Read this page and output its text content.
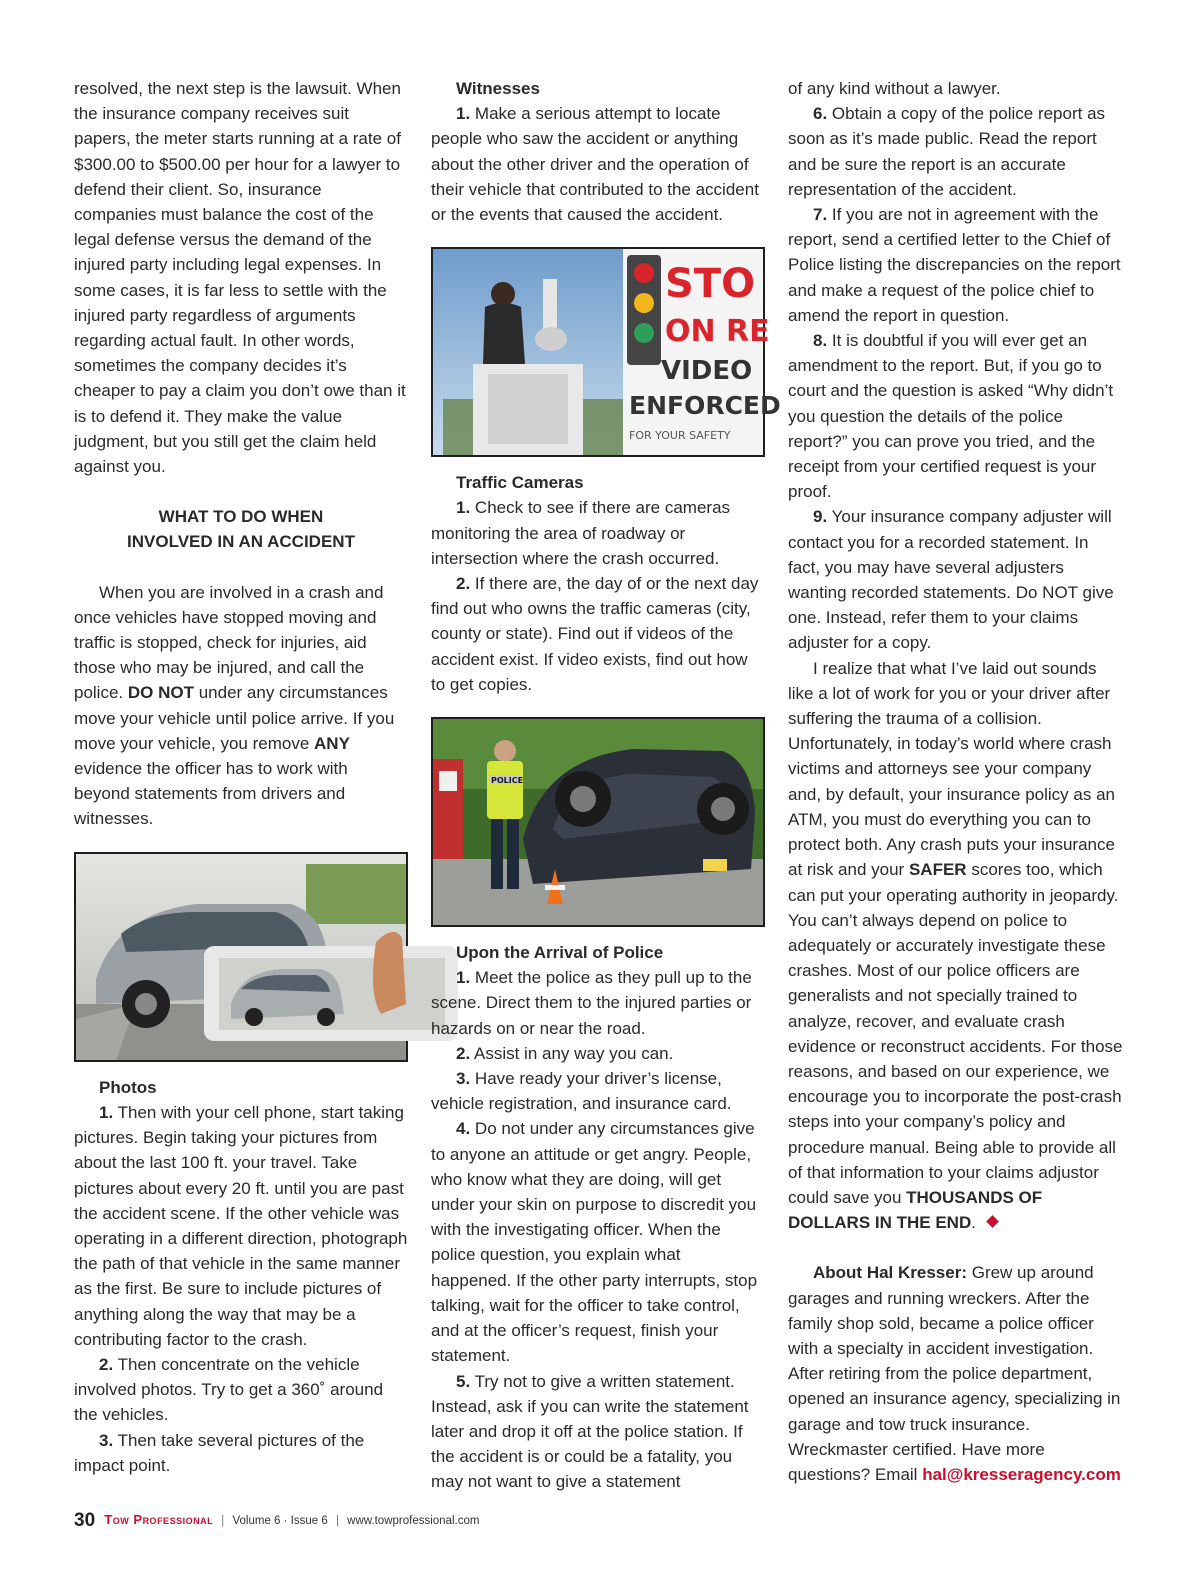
resolved, the next step is the lawsuit. When the insurance company receives suit papers, the meter starts running at a rate of $300.00 to $500.00 per hour for a lawyer to defend their client. So, insurance companies must balance the cost of the legal defense versus the demand of the injured party including legal expenses. In some cases, it is far less to settle with the injured party regardless of arguments regarding actual fault. In other words, sometimes the company decides it’s cheaper to pay a claim you don’t owe than it is to defend it. They make the value judgment, but you still get the claim held against you.

WHAT TO DO WHEN

INVOLVED IN AN ACCIDENT

When you are involved in a crash and once vehicles have stopped moving and traffic is stopped, check for injuries, aid those who may be injured, and call the police. DO NOT under any circumstances move your vehicle until police arrive. If you move your vehicle, you remove ANY evidence the officer has to work with beyond statements from drivers and witnesses.

Photos

1. Then with your cell phone, start taking pictures. Begin taking your pictures from about the last 100 ft. your travel. Take pictures about every 20 ft. until you are past the accident scene. If the other vehicle was operating in a different direction, photograph the path of that vehicle in the same manner as the first. Be sure to include pictures of anything along the way that may be a contributing factor to the crash.

2. Then concentrate on the vehicle involved photos. Try to get a 360˚ around the vehicles.

3. Then take several pictures of the impact point.

Witnesses

1. Make a serious attempt to locate people who saw the accident or anything about the other driver and the operation of their vehicle that contributed to the accident or the events that caused the accident.

STO
ON RE
VIDEO
ENFORCED
FOR YOUR SAFETY

Traffic Cameras

1. Check to see if there are cameras monitoring the area of roadway or intersection where the crash occurred.

2. If there are, the day of or the next day find out who owns the traffic cameras (city, county or state). Find out if videos of the accident exist. If video exists, find out how to get copies.

POLICE

Upon the Arrival of Police

1. Meet the police as they pull up to the scene. Direct them to the injured parties or hazards on or near the road.

2. Assist in any way you can.

3. Have ready your driver’s license, vehicle registration, and insurance card.

4. Do not under any circumstances give to anyone an attitude or get angry. People, who know what they are doing, will get under your skin on purpose to discredit you with the investigating officer. When the police question, you explain what happened. If the other party interrupts, stop talking, wait for the officer to take control, and at the officer’s request, finish your statement.

5. Try not to give a written statement. Instead, ask if you can write the statement later and drop it off at the police station. If the accident is or could be a fatality, you may not want to give a statement

of any kind without a lawyer.

6. Obtain a copy of the police report as soon as it’s made public. Read the report and be sure the report is an accurate representation of the accident.

7. If you are not in agreement with the report, send a certified letter to the Chief of Police listing the discrepancies on the report and make a request of the police chief to amend the report in question.

8. It is doubtful if you will ever get an amendment to the report. But, if you go to court and the question is asked “Why didn’t you question the details of the police report?” you can prove you tried, and the receipt from your certified request is your proof.

9. Your insurance company adjuster will contact you for a recorded statement. In fact, you may have several adjusters wanting recorded statements. Do NOT give one. Instead, refer them to your claims adjuster for a copy.

I realize that what I’ve laid out sounds like a lot of work for you or your driver after suffering the trauma of a collision. Unfortunately, in today’s world where crash victims and attorneys see your company and, by default, your insurance policy as an ATM, you must do everything you can to protect both. Any crash puts your insurance at risk and your SAFER scores too, which can put your operating authority in jeopardy. You can’t always depend on police to adequately or accurately investigate these crashes. Most of our police officers are generalists and not specially trained to analyze, recover, and evaluate crash evidence or reconstruct accidents. For those reasons, and based on our experience, we encourage you to incorporate the post-crash steps into your company’s policy and procedure manual. Being able to provide all of that information to your claims adjustor could save you THOUSANDS OF DOLLARS IN THE END.

About Hal Kresser: Grew up around garages and running wreckers. After the family shop sold, became a police officer with a specialty in accident investigation. After retiring from the police department, opened an insurance agency, specializing in garage and tow truck insurance. Wreckmaster certified. Have more questions? Email hal@kresseragency.com

30 Tow Professional | Volume 6 · Issue 6 | www.towprofessional.com
